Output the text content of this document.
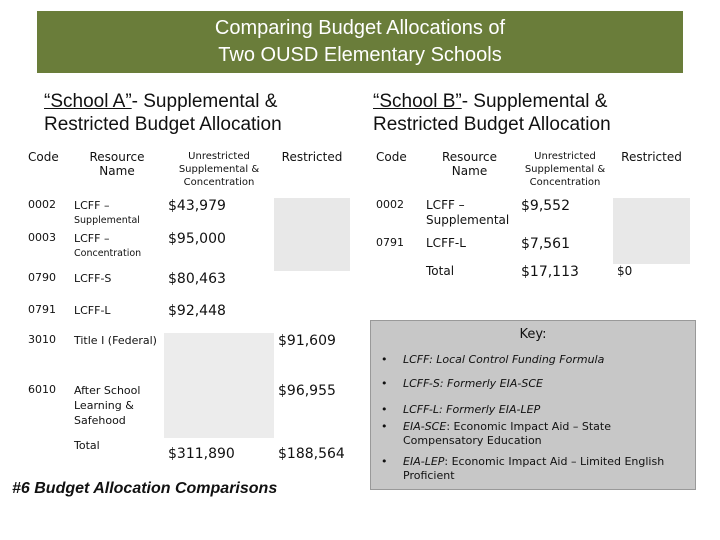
Comparing Budget Allocations of
Two OUSD Elementary Schools
“School A”- Supplemental &
Restricted Budget Allocation
“School B”- Supplemental &
Restricted Budget Allocation
Code	Resource Name	Unrestricted Supplemental & Concentration	Restricted
0002	LCFF –
Supplemental	$43,979	
0003	LCFF –
Concentration	$95,000	
0790	LCFF-S	$80,463	
0791	LCFF-L	$92,448	
3010	Title I (Federal)		$91,609
6010	After School Learning & Safehood		$96,955
	Total	$311,890	$188,564
Code	Resource Name	Unrestricted Supplemental & Concentration	Restricted
0002	LCFF – Supplemental	$9,552	
0791	LCFF-L	$7,561	
	Total	$17,113	$0
Key:
•	LCFF: Local Control Funding Formula
•	LCFF-S: Formerly EIA-SCE
•	LCFF-L: Formerly EIA-LEP
•	EIA-SCE: Economic Impact Aid – State Compensatory Education
•	EIA-LEP: Economic Impact Aid – Limited English Proficient
#6 Budget Allocation Comparisons
